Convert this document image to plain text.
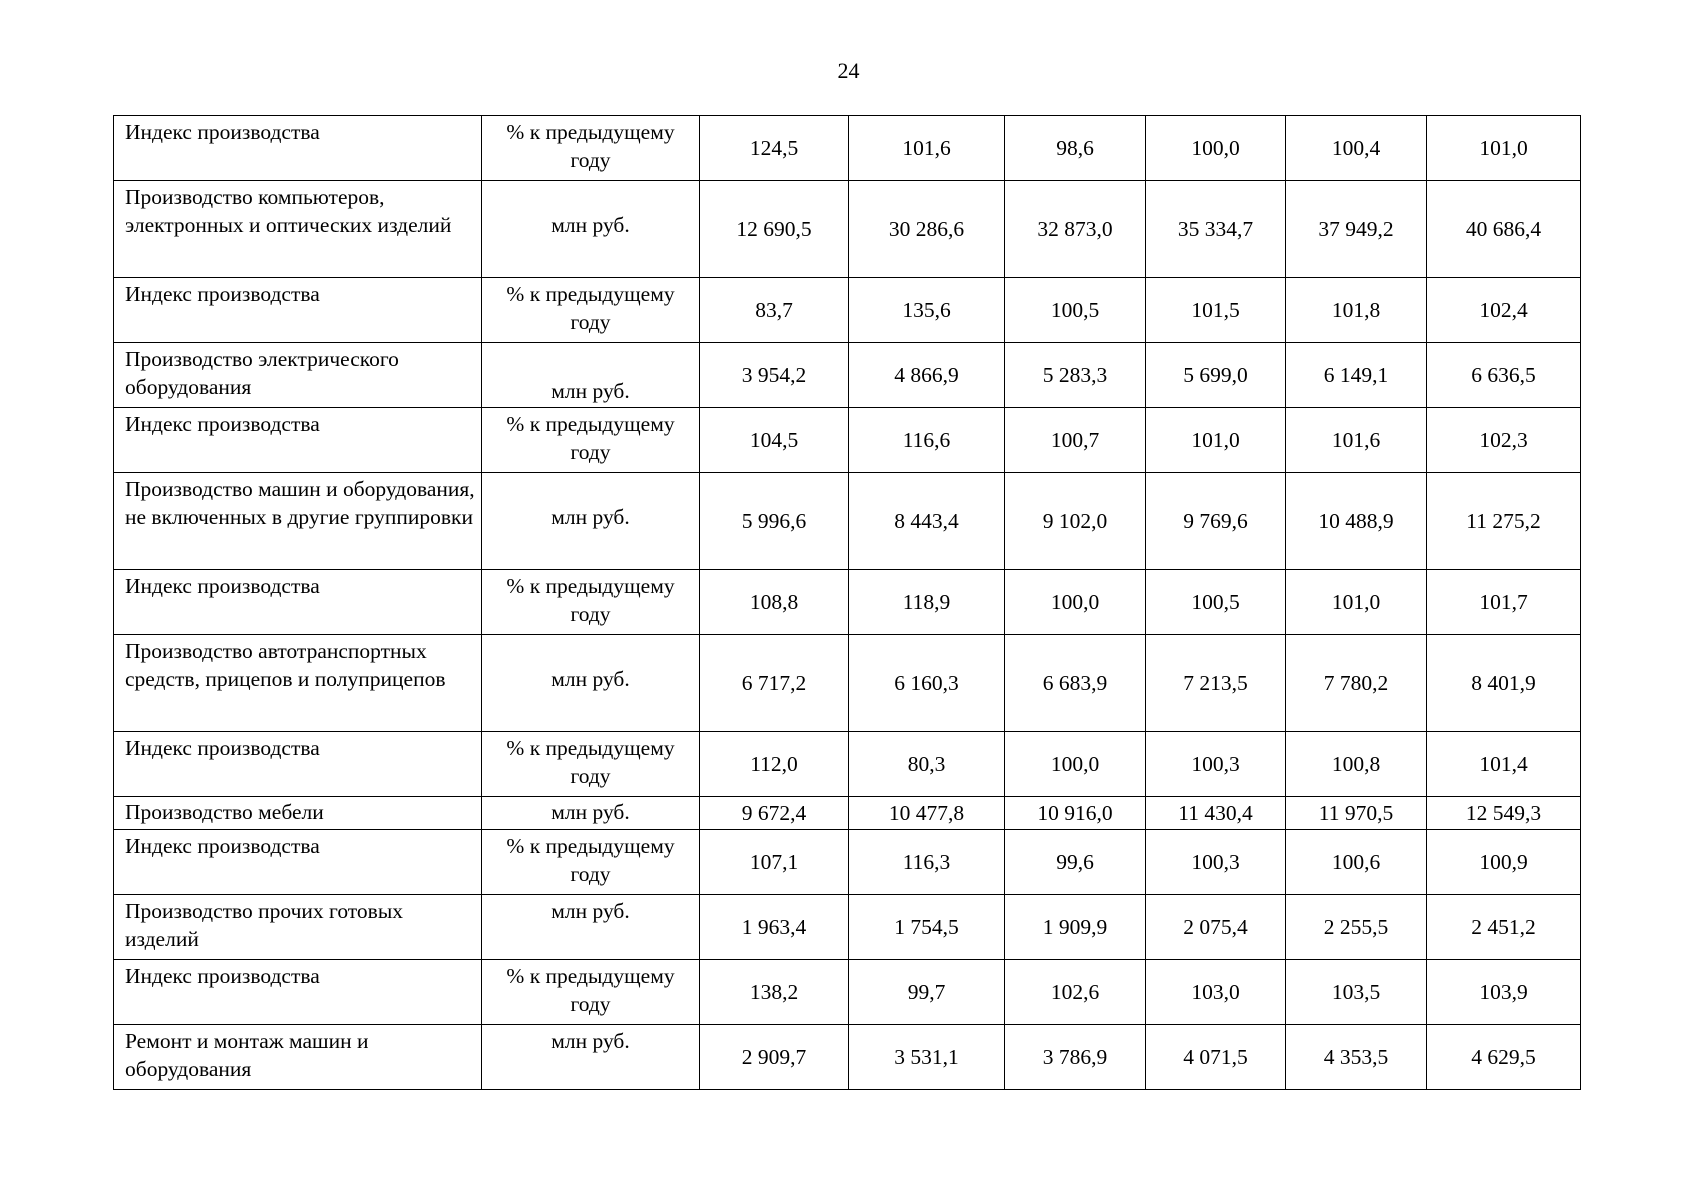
24
Индекс производства	% к предыдущему году	124,5	101,6	98,6	100,0	100,4	101,0
Производство компьютеров, электронных и оптических изделий	млн руб.	12 690,5	30 286,6	32 873,0	35 334,7	37 949,2	40 686,4
Индекс производства	% к предыдущему году	83,7	135,6	100,5	101,5	101,8	102,4
Производство электрического оборудования	млн руб.	3 954,2	4 866,9	5 283,3	5 699,0	6 149,1	6 636,5
Индекс производства	% к предыдущему году	104,5	116,6	100,7	101,0	101,6	102,3
Производство машин и оборудования, не включенных в другие группировки	млн руб.	5 996,6	8 443,4	9 102,0	9 769,6	10 488,9	11 275,2
Индекс производства	% к предыдущему году	108,8	118,9	100,0	100,5	101,0	101,7
Производство автотранспортных средств, прицепов и полуприцепов	млн руб.	6 717,2	6 160,3	6 683,9	7 213,5	7 780,2	8 401,9
Индекс производства	% к предыдущему году	112,0	80,3	100,0	100,3	100,8	101,4
Производство мебели	млн руб.	9 672,4	10 477,8	10 916,0	11 430,4	11 970,5	12 549,3
Индекс производства	% к предыдущему году	107,1	116,3	99,6	100,3	100,6	100,9
Производство прочих готовых изделий	млн руб.	1 963,4	1 754,5	1 909,9	2 075,4	2 255,5	2 451,2
Индекс производства	% к предыдущему году	138,2	99,7	102,6	103,0	103,5	103,9
Ремонт и монтаж машин и оборудования	млн руб.	2 909,7	3 531,1	3 786,9	4 071,5	4 353,5	4 629,5
